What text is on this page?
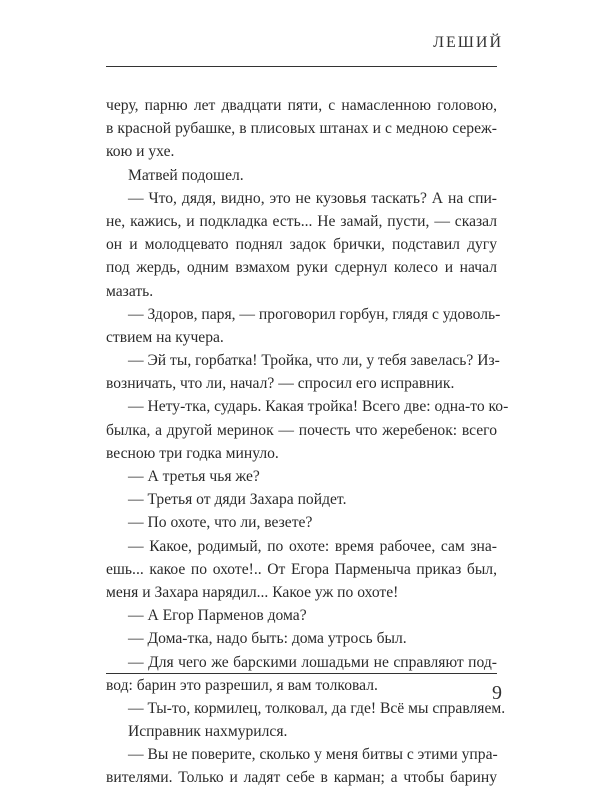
ЛЕШИЙ
черу, парню лет двадцати пяти, с намасленною головою,
в красной рубашке, в плисовых штанах и с медною сереж-
кою и ухе.
Матвей подошел.
— Что, дядя, видно, это не кузовья таскать? А на спи-
не, кажись, и подкладка есть... Не замай, пусти, — сказал
он и молодцевато поднял задок брички, подставил дугу
под жердь, одним взмахом руки сдернул колесо и начал
мазать.
— Здоров, паря, — проговорил горбун, глядя с удоволь-
ствием на кучера.
— Эй ты, горбатка! Тройка, что ли, у тебя завелась? Из-
возничать, что ли, начал? — спросил его исправник.
— Нету-тка, сударь. Какая тройка! Всего две: одна-то ко-
былка, а другой меринок — почесть что жеребенок: всего
весною три годка минуло.
— А третья чья же?
— Третья от дяди Захара пойдет.
— По охоте, что ли, везете?
— Какое, родимый, по охоте: время рабочее, сам зна-
ешь... какое по охоте!.. От Егора Парменыча приказ был,
меня и Захара нарядил... Какое уж по охоте!
— А Егор Парменов дома?
— Дома-тка, надо быть: дома утрось был.
— Для чего же барскими лошадьми не справляют под-
вод: барин это разрешил, я вам толковал.
— Ты-то, кормилец, толковал, да где! Всё мы справляем.
Исправник нахмурился.
— Вы не поверите, сколько у меня битвы с этими упра-
вителями. Только и ладят себе в карман; а чтобы барину
9
